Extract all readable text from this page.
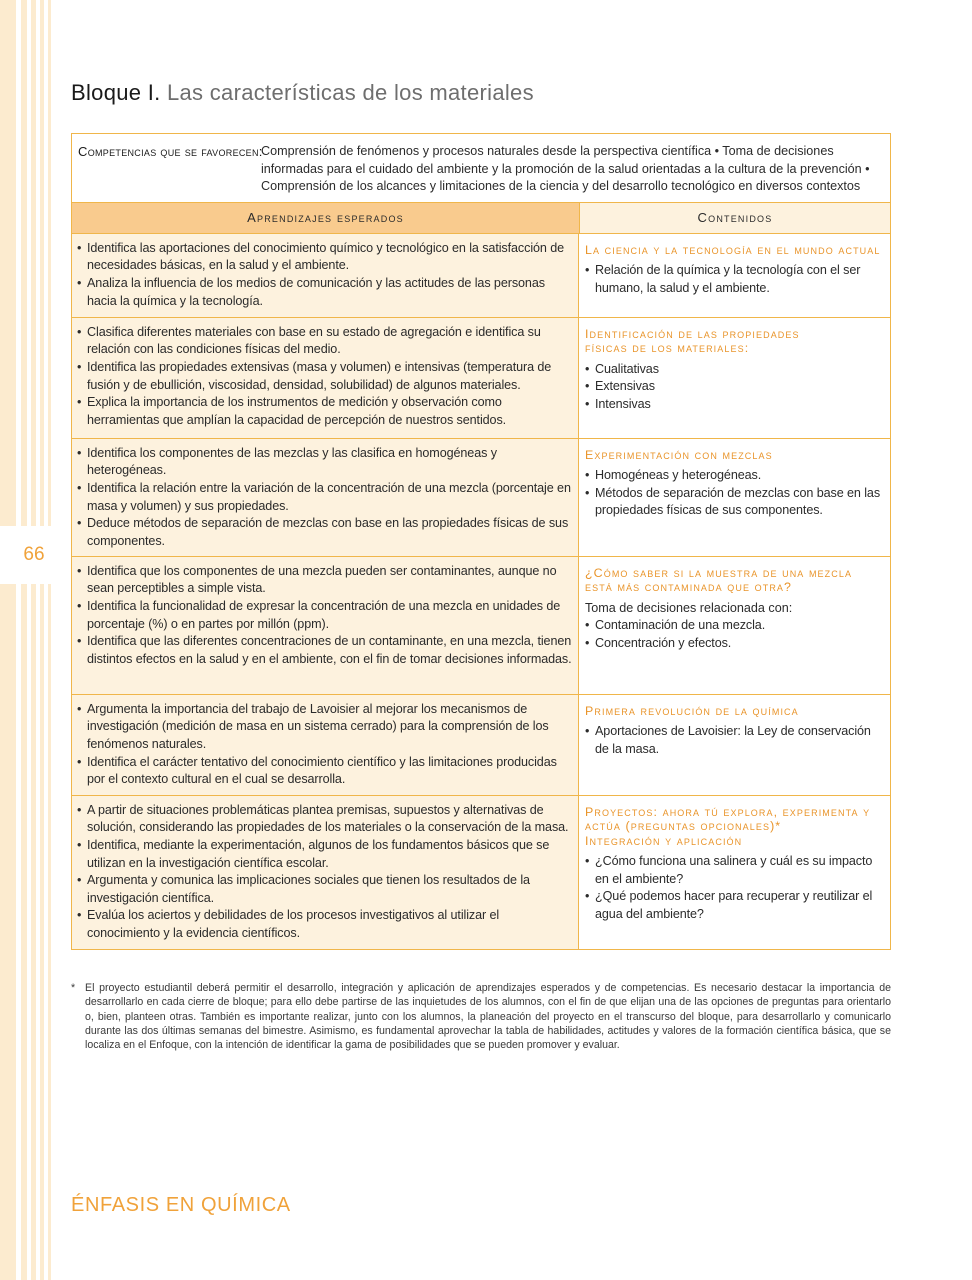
66
Bloque I. Las características de los materiales
Competencias que se favorecen:
Comprensión de fenómenos y procesos naturales desde la perspectiva científica • Toma de decisiones informadas para el cuidado del ambiente y la promoción de la salud orientadas a la cultura de la prevención • Comprensión de los alcances y limitaciones de la ciencia y del desarrollo tecnológico en diversos contextos
Aprendizajes esperados	Contenidos
• Identifica las aportaciones del conocimiento químico y tecnológico en la satisfacción de necesidades básicas, en la salud y el ambiente.
• Analiza la influencia de los medios de comunicación y las actitudes de las personas hacia la química y la tecnología.
La ciencia y la tecnología en el mundo actual
• Relación de la química y la tecnología con el ser humano, la salud y el ambiente.
• Clasifica diferentes materiales con base en su estado de agregación e identifica su relación con las condiciones físicas del medio.
• Identifica las propiedades extensivas (masa y volumen) e intensivas (temperatura de fusión y de ebullición, viscosidad, densidad, solubilidad) de algunos materiales.
• Explica la importancia de los instrumentos de medición y observación como herramientas que amplían la capacidad de percepción de nuestros sentidos.
Identificación de las propiedades físicas de los materiales:
• Cualitativas
• Extensivas
• Intensivas
• Identifica los componentes de las mezclas y las clasifica en homogéneas y heterogéneas.
• Identifica la relación entre la variación de la concentración de una mezcla (porcentaje en masa y volumen) y sus propiedades.
• Deduce métodos de separación de mezclas con base en las propiedades físicas de sus componentes.
Experimentación con mezclas
• Homogéneas y heterogéneas.
• Métodos de separación de mezclas con base en las propiedades físicas de sus componentes.
• Identifica que los componentes de una mezcla pueden ser contaminantes, aunque no sean perceptibles a simple vista.
• Identifica la funcionalidad de expresar la concentración de una mezcla en unidades de porcentaje (%) o en partes por millón (ppm).
• Identifica que las diferentes concentraciones de un contaminante, en una mezcla, tienen distintos efectos en la salud y en el ambiente, con el fin de tomar decisiones informadas.
¿Cómo saber si la muestra de una mezcla está más contaminada que otra?
Toma de decisiones relacionada con:
• Contaminación de una mezcla.
• Concentración y efectos.
• Argumenta la importancia del trabajo de Lavoisier al mejorar los mecanismos de investigación (medición de masa en un sistema cerrado) para la comprensión de los fenómenos naturales.
• Identifica el carácter tentativo del conocimiento científico y las limitaciones producidas por el contexto cultural en el cual se desarrolla.
Primera revolución de la química
• Aportaciones de Lavoisier: la Ley de conservación de la masa.
• A partir de situaciones problemáticas plantea premisas, supuestos y alternativas de solución, considerando las propiedades de los materiales o la conservación de la masa.
• Identifica, mediante la experimentación, algunos de los fundamentos básicos que se utilizan en la investigación científica escolar.
• Argumenta y comunica las implicaciones sociales que tienen los resultados de la investigación científica.
• Evalúa los aciertos y debilidades de los procesos investigativos al utilizar el conocimiento y la evidencia científicos.
Proyectos: ahora tú explora, experimenta y actúa (preguntas opcionales)*
Integración y aplicación
• ¿Cómo funciona una salinera y cuál es su impacto en el ambiente?
• ¿Qué podemos hacer para recuperar y reutilizar el agua del ambiente?
* El proyecto estudiantil deberá permitir el desarrollo, integración y aplicación de aprendizajes esperados y de competencias. Es necesario destacar la importancia de desarrollarlo en cada cierre de bloque; para ello debe partirse de las inquietudes de los alumnos, con el fin de que elijan una de las opciones de preguntas para orientarlo o, bien, planteen otras. También es importante realizar, junto con los alumnos, la planeación del proyecto en el transcurso del bloque, para desarrollarlo y comunicarlo durante las dos últimas semanas del bimestre. Asimismo, es fundamental aprovechar la tabla de habilidades, actitudes y valores de la formación científica básica, que se localiza en el Enfoque, con la intención de identificar la gama de posibilidades que se pueden promover y evaluar.
ÉNFASIS EN QUÍMICA
